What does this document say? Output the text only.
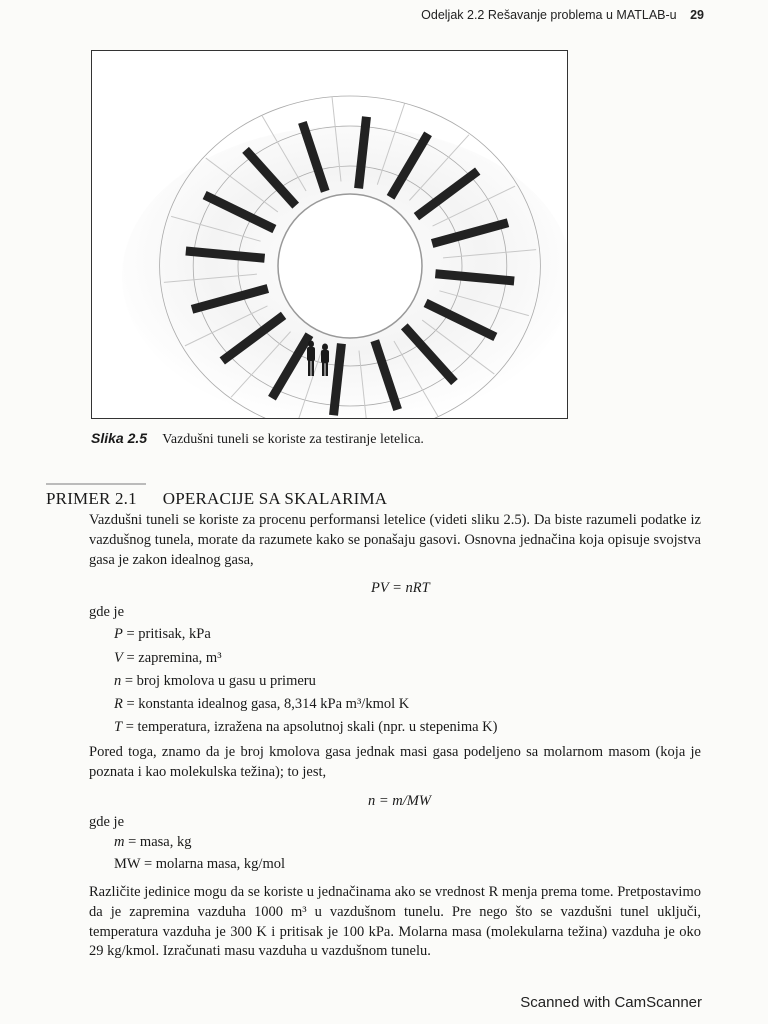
Odeljak 2.2 Rešavanje problema u MATLAB-u 29
Slika 2.5 Vazdušni tuneli se koriste za testiranje letelica.
PRIMER 2.1 OPERACIJE SA SKALARIMA

Vazdušni tuneli se koriste za procenu performansi letelice (videti sliku 2.5). Da biste razumeli podatke iz vazdušnog tunela, morate da razumete kako se ponašaju gasovi. Osnovna jednačina koja opisuje svojstva gasa je zakon idealnog gasa,

PV = nRT
gde je
P = pritisak, kPa
V = zapremina, m³
n = broj kmolova u gasu u primeru
R = konstanta idealnog gasa, 8,314 kPa m³/kmol K
T = temperatura, izražena na apsolutnoj skali (npr. u stepenima K)

Pored toga, znamo da je broj kmolova gasa jednak masi gasa podeljeno sa molarnom masom (koja je poznata i kao molekulska težina); to jest,

n = m/MW
gde je
m = masa, kg
MW = molarna masa, kg/mol

Različite jedinice mogu da se koriste u jednačinama ako se vrednost R menja prema tome. Pretpostavimo da je zapremina vazduha 1000 m³ u vazdušnom tunelu. Pre nego što se vazdušni tunel uključi, temperatura vazduha je 300 K i pritisak je 100 kPa. Molarna masa (molekularna težina) vazduha je oko 29 kg/kmol. Izračunati masu vazduha u vazdušnom tunelu.

Scanned with CamScanner
